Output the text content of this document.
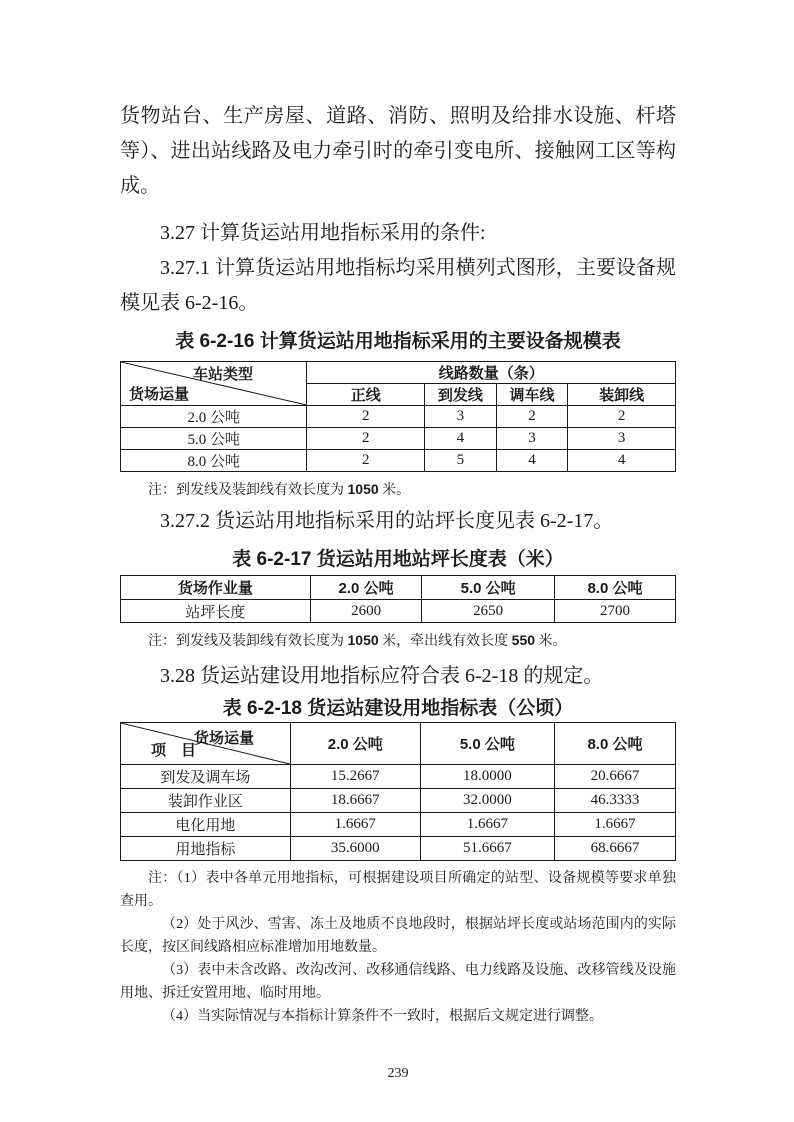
货物站台、生产房屋、道路、消防、照明及给排水设施、杆塔等）、进出站线路及电力牵引时的牵引变电所、接触网工区等构成。

3.27 计算货运站用地指标采用的条件:

3.27.1 计算货运站用地指标均采用横列式图形，主要设备规模见表 6-2-16。

表 6-2-16 计算货运站用地指标采用的主要设备规模表
车站类型
货场运量	线路数量（条）			
	正线	到发线	调车线	装卸线
2.0 公吨	2	3	2	2
5.0 公吨	2	4	3	3
8.0 公吨	2	5	4	4

注：到发线及装卸线有效长度为 1050 米。

3.27.2 货运站用地指标采用的站坪长度见表 6-2-17。

表 6-2-17 货运站用地站坪长度表（米）
货场作业量	2.0 公吨	5.0 公吨	8.0 公吨
站坪长度	2600	2650	2700

注：到发线及装卸线有效长度为 1050 米，牵出线有效长度 550 米。

3.28 货运站建设用地指标应符合表 6-2-18 的规定。

表 6-2-18 货运站建设用地指标表（公顷）
货场运量
项　目	2.0 公吨	5.0 公吨	8.0 公吨
到发及调车场	15.2667	18.0000	20.6667
装卸作业区	18.6667	32.0000	46.3333
电化用地	1.6667	1.6667	1.6667
用地指标	35.6000	51.6667	68.6667

注：（1）表中各单元用地指标，可根据建设项目所确定的站型、设备规模等要求单独查用。

（2）处于风沙、雪害、冻土及地质不良地段时，根据站坪长度或站场范围内的实际长度，按区间线路相应标准增加用地数量。

（3）表中未含改路、改沟改河、改移通信线路、电力线路及设施、改移管线及设施用地、拆迁安置用地、临时用地。

（4）当实际情况与本指标计算条件不一致时，根据后文规定进行调整。

239
